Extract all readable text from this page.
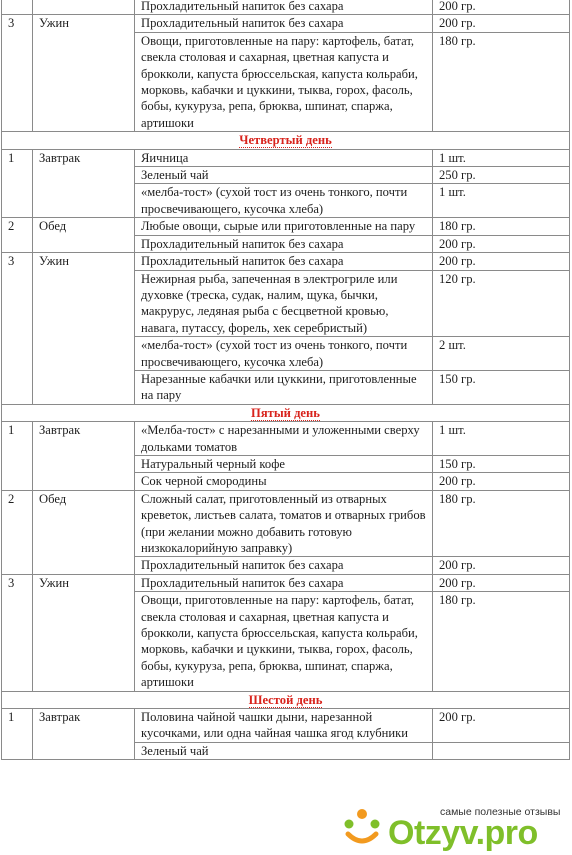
		Прохладительный напиток без сахара	200 гр.
3	Ужин	Прохладительный напиток без сахара	200 гр.
		Овощи, приготовленные на пару: картофель, батат, свекла столовая и сахарная, цветная капуста и брокколи, капуста брюссельская, капуста кольраби, морковь, кабачки и цуккини, тыква, горох, фасоль, бобы, кукуруза, репа, брюква, шпинат, спаржа, артишоки	180 гр.
Четвертый день			
1	Завтрак	Яичница	1 шт.
		Зеленый чай	250 гр.
		«мелба-тост» (сухой тост из очень тонкого, почти просвечивающего, кусочка хлеба)	1 шт.
2	Обед	Любые овощи, сырые или приготовленные на пару	180 гр.
		Прохладительный напиток без сахара	200 гр.
3	Ужин	Прохладительный напиток без сахара	200 гр.
		Нежирная рыба, запеченная в электрогриле или духовке (треска, судак, налим, щука, бычки, макрурус, ледяная рыба с бесцветной кровью, навага, путассу, форель, хек серебристый)	120 гр.
		«мелба-тост» (сухой тост из очень тонкого, почти просвечивающего, кусочка хлеба)	2 шт.
		Нарезанные кабачки или цуккини, приготовленные на пару	150 гр.
Пятый день			
1	Завтрак	«Мелба-тост» с нарезанными и уложенными сверху дольками томатов	1 шт.
		Натуральный черный кофе	150 гр.
		Сок черной смородины	200 гр.
2	Обед	Сложный салат, приготовленный из отварных креветок, листьев салата, томатов и отварных грибов (при желании можно добавить готовую низкокалорийную заправку)	180 гр.
		Прохладительный напиток без сахара	200 гр.
3	Ужин	Прохладительный напиток без сахара	200 гр.
		Овощи, приготовленные на пару: картофель, батат, свекла столовая и сахарная, цветная капуста и брокколи, капуста брюссельская, капуста кольраби, морковь, кабачки и цуккини, тыква, горох, фасоль, бобы, кукуруза, репа, брюква, шпинат, спаржа, артишоки	180 гр.
Шестой день			
1	Завтрак	Половина чайной чашки дыни, нарезанной кусочками, или одна чайная чашка ягод клубники	200 гр.
		Зеленый чай	
самые полезные отзывы
Otzyv.pro
